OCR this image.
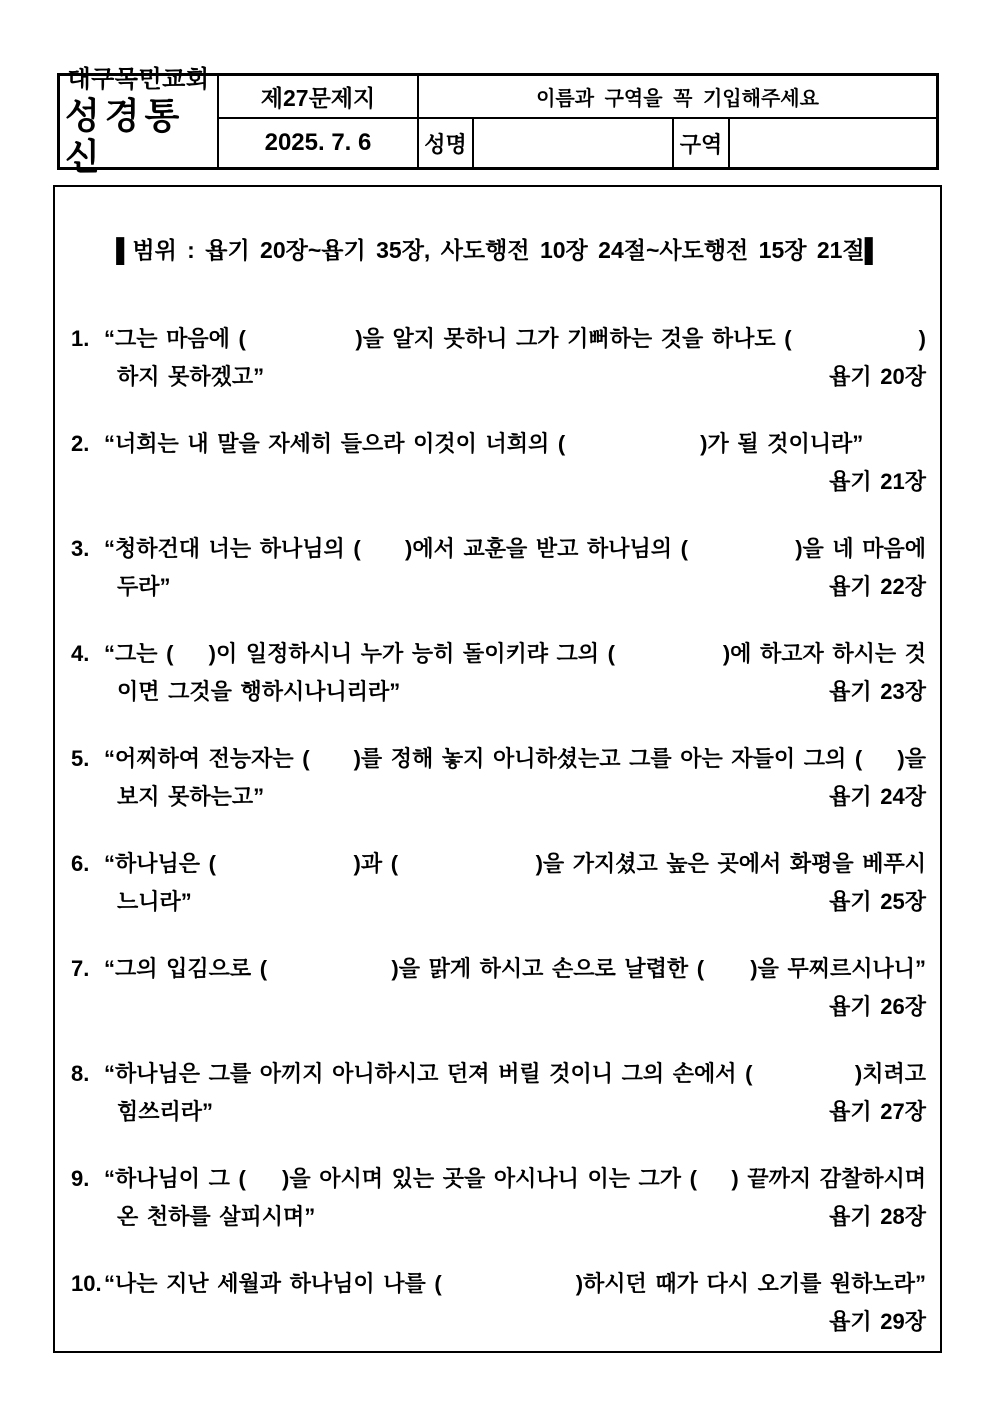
대구목민교회
성경통신
제27문제지	이름과 구역을 꼭 기입해주세요
2025. 7. 6	성명	구역
▌범위 : 욥기 20장~욥기 35장, 사도행전 10장 24절~사도행전 15장 21절▌
1. “그는 마음에 (	)을 알지 못하니 그가 기뻐하는 것을 하나도 (	)
하지 못하겠고”	욥기 20장
2. “너희는 내 말을 자세히 들으라 이것이 너희의 (	)가 될 것이니라”
욥기 21장
3. “청하건대 너는 하나님의 ( )에서 교훈을 받고 하나님의 (	)을 네 마음에
두라”	욥기 22장
4. “그는 ( )이 일정하시니 누가 능히 돌이키랴 그의 (	)에 하고자 하시는 것
이면 그것을 행하시나니리라”	욥기 23장
5. “어찌하여 전능자는 ( )를 정해 놓지 아니하셨는고 그를 아는 자들이 그의 ( )을
보지 못하는고”	욥기 24장
6. “하나님은 (	)과 (	)을 가지셨고 높은 곳에서 화평을 베푸시
느니라”	욥기 25장
7. “그의 입김으로 (	)을 맑게 하시고 손으로 날렵한 ( )을 무찌르시나니”
욥기 26장
8. “하나님은 그를 아끼지 아니하시고 던져 버릴 것이니 그의 손에서 (	)치려고
힘쓰리라”	욥기 27장
9. “하나님이 그 ( )을 아시며 있는 곳을 아시나니 이는 그가 ( ) 끝까지 감찰하시며
온 천하를 살피시며”	욥기 28장
10. “나는 지난 세월과 하나님이 나를 (	)하시던 때가 다시 오기를 원하노라”
욥기 29장
